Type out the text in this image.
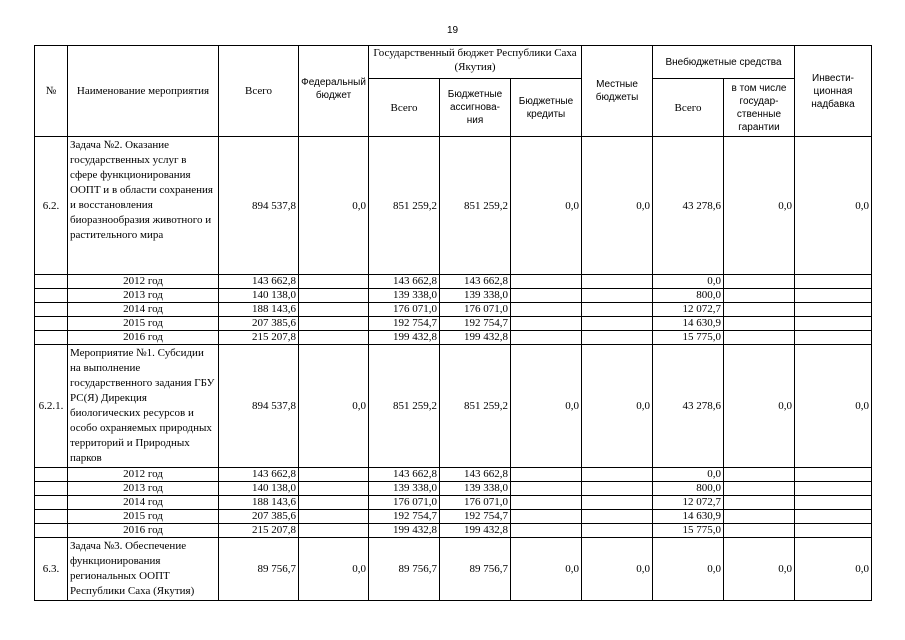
19
№	Наименование мероприятия	Всего	Федеральный бюджет	Государственный бюджет Республики Саха (Якутия)			Местные бюджеты	Внебюджетные средства		Инвести-ционная надбавка
				Всего	Бюджетные ассигнова-ния	Бюджетные кредиты		Всего	в том числе государ-ственные гарантии	
6.2.	Задача №2. Оказание государственных услуг в сфере функционирования ООПТ и в области сохранения и восстановления биоразнообразия животного и растительного мира	894 537,8	0,0	851 259,2	851 259,2	0,0	0,0	43 278,6	0,0	0,0
	2012 год	143 662,8		143 662,8	143 662,8			0,0		
	2013 год	140 138,0		139 338,0	139 338,0			800,0		
	2014 год	188 143,6		176 071,0	176 071,0			12 072,7		
	2015 год	207 385,6		192 754,7	192 754,7			14 630,9		
	2016 год	215 207,8		199 432,8	199 432,8			15 775,0		
6.2.1.	Мероприятие №1. Субсидии на выполнение государственного задания ГБУ РС(Я) Дирекция биологических ресурсов и особо охраняемых природных территорий и Природных парков	894 537,8	0,0	851 259,2	851 259,2	0,0	0,0	43 278,6	0,0	0,0
	2012 год	143 662,8		143 662,8	143 662,8			0,0		
	2013 год	140 138,0		139 338,0	139 338,0			800,0		
	2014 год	188 143,6		176 071,0	176 071,0			12 072,7		
	2015 год	207 385,6		192 754,7	192 754,7			14 630,9		
	2016 год	215 207,8		199 432,8	199 432,8			15 775,0		
6.3.	Задача №3. Обеспечение функционирования региональных ООПТ Республики Саха (Якутия)	89 756,7	0,0	89 756,7	89 756,7	0,0	0,0	0,0	0,0	0,0
